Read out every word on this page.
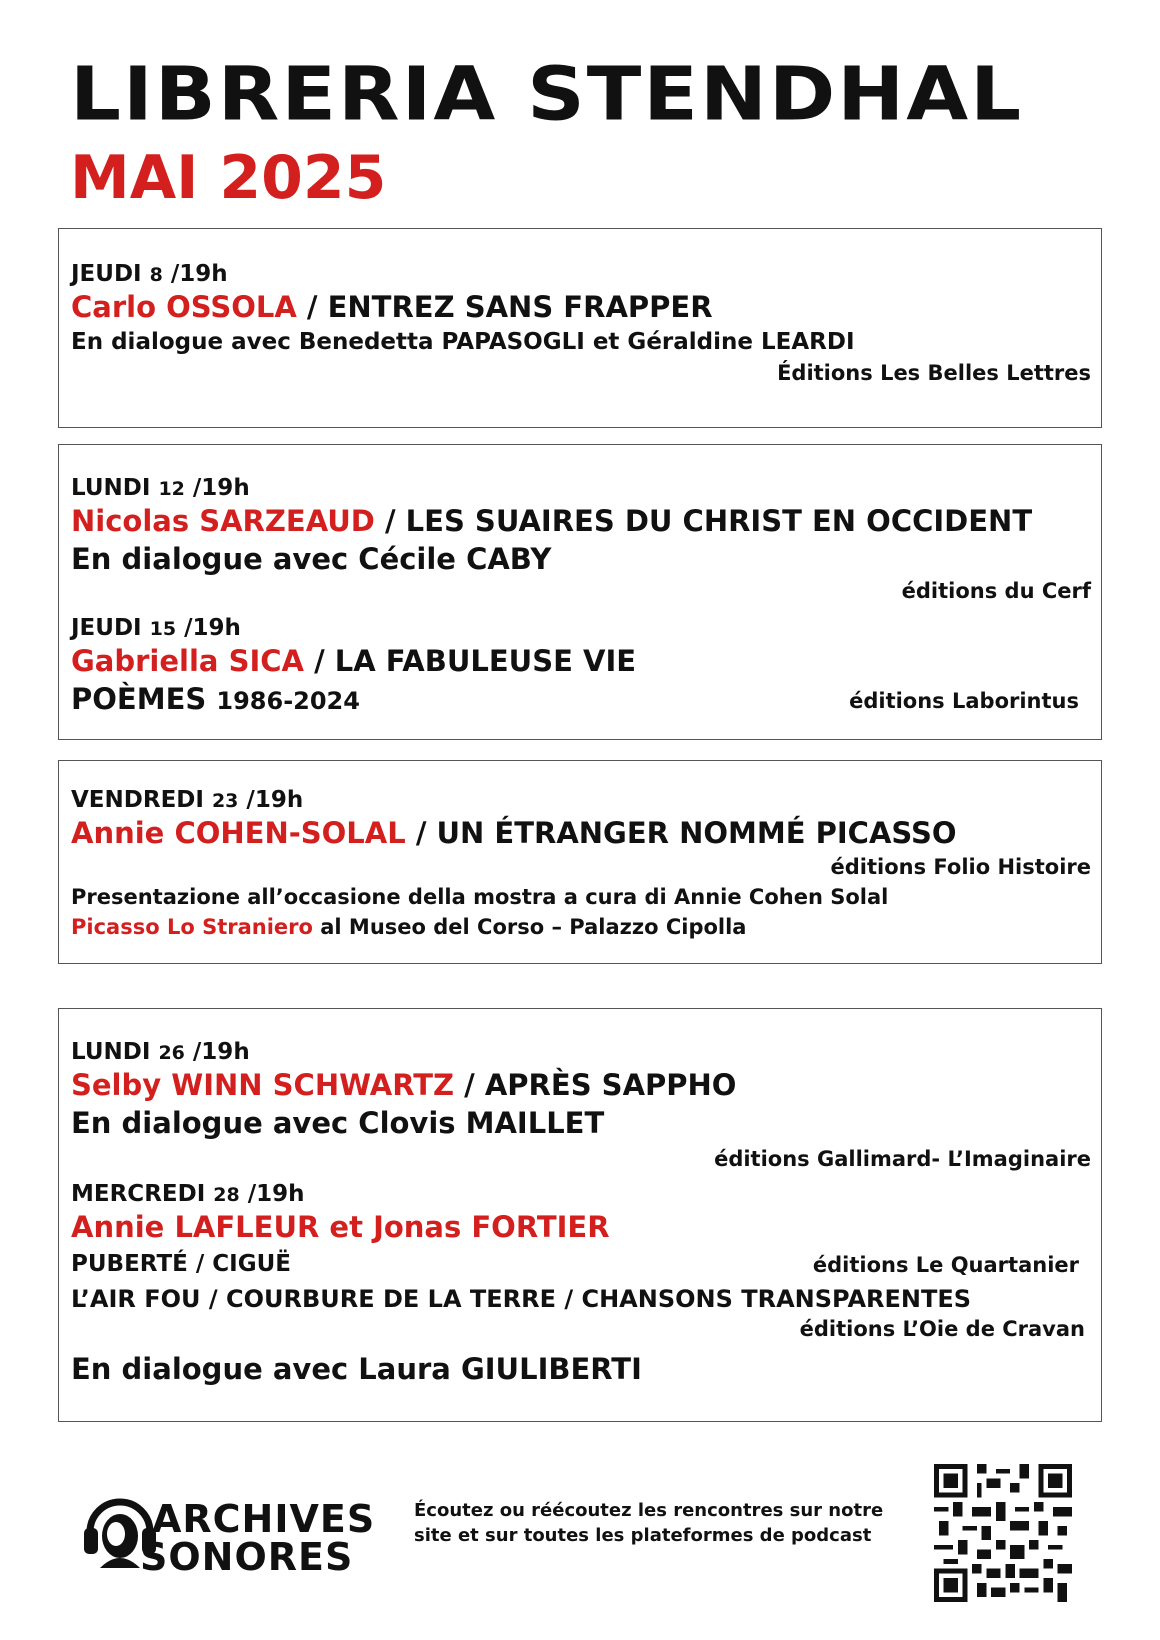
LIBRERIA STENDHAL
MAI 2025
JEUDI 8 /19h
Carlo OSSOLA / ENTREZ SANS FRAPPER
En dialogue avec Benedetta PAPASOGLI et Géraldine LEARDI
Éditions Les Belles Lettres
LUNDI 12 /19h
Nicolas SARZEAUD / LES SUAIRES DU CHRIST EN OCCIDENT
En dialogue avec Cécile CABY
éditions du Cerf
JEUDI 15 /19h
Gabriella SICA / LA FABULEUSE VIE
POÈMES 1986-2024	éditions Laborintus
VENDREDI 23 /19h
Annie COHEN-SOLAL / UN ÉTRANGER NOMMÉ PICASSO
éditions Folio Histoire
Presentazione all’occasione della mostra a cura di Annie Cohen Solal
Picasso Lo Straniero al Museo del Corso – Palazzo Cipolla
LUNDI 26 /19h
Selby WINN SCHWARTZ / APRÈS SAPPHO
En dialogue avec Clovis MAILLET
éditions Gallimard- L’Imaginaire
MERCREDI 28 /19h
Annie LAFLEUR et Jonas FORTIER
PUBERTÉ / CIGUË	éditions Le Quartanier
L’AIR FOU / COURBURE DE LA TERRE / CHANSONS TRANSPARENTES
éditions L’Oie de Cravan
En dialogue avec Laura GIULIBERTI
ARCHIVES
SONORES
Écoutez ou réécoutez les rencontres sur notre
site et sur toutes les plateformes de podcast
